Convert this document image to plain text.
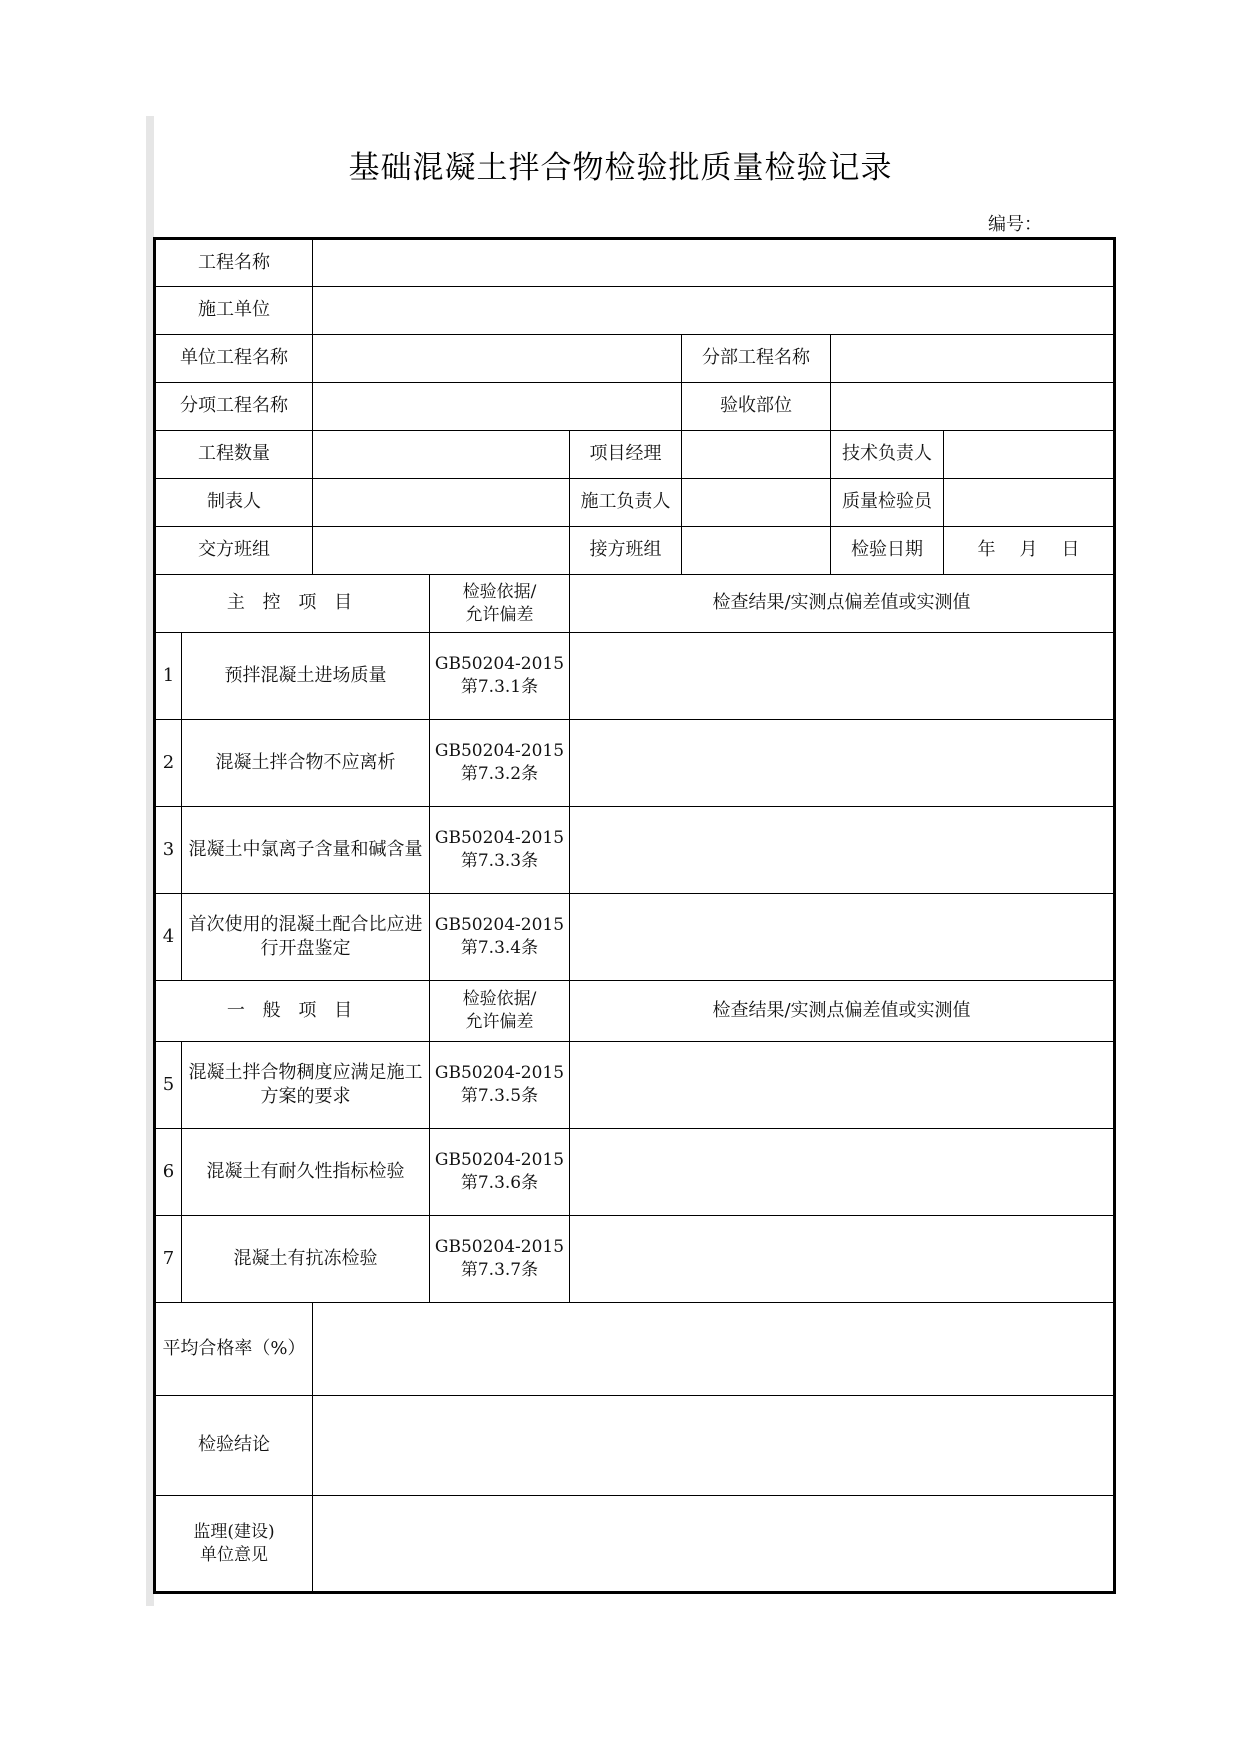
基础混凝土拌合物检验批质量检验记录
编号：
工程名称							
施工单位							
单位工程名称					分部工程名称		
分项工程名称					验收部位		
工程数量				项目经理		技术负责人	
制表人				施工负责人		质量检验员	
交方班组				接方班组		检验日期	年 月 日
主 控 项 目			检验依据/
允许偏差	检查结果/实测点偏差值或实测值			
1	预拌混凝土进场质量		GB50204-2015
第7.3.1条				

2	混凝土拌合物不应离析		GB50204-2015
第7.3.2条				

3	混凝土中氯离子含量和碱含量		GB50204-2015
第7.3.3条				

4	首次使用的混凝土配合比应进行开盘鉴定		GB50204-2015
第7.3.4条				

一 般 项 目			检验依据/
允许偏差	检查结果/实测点偏差值或实测值			
5	混凝土拌合物稠度应满足施工方案的要求		GB50204-2015
第7.3.5条				

6	混凝土有耐久性指标检验		GB50204-2015
第7.3.6条				

7	混凝土有抗冻检验		GB50204-2015
第7.3.7条				

平均合格率（%）							
检验结论							

监理(建设)
单位意见							
